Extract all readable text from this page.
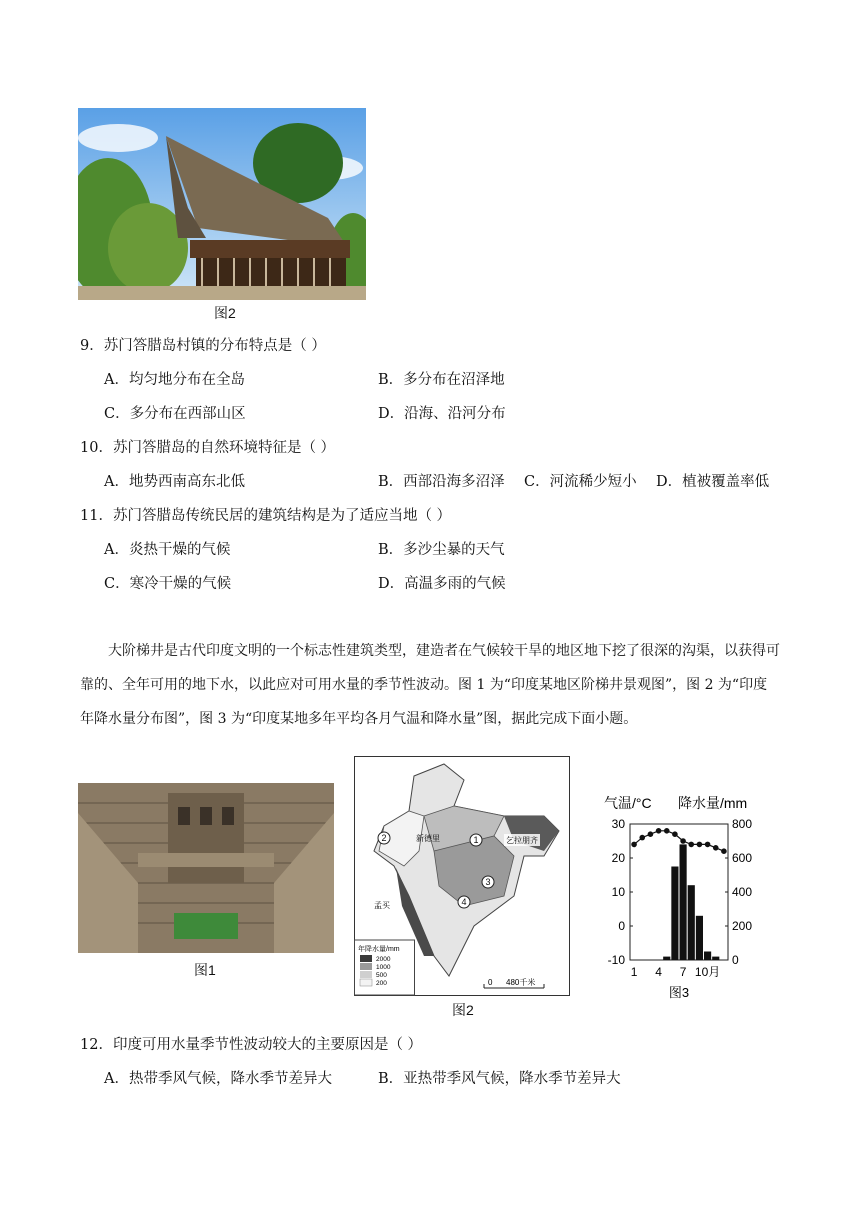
图2
9．苏门答腊岛村镇的分布特点是（ ）
A．均匀地分布在全岛	B．多分布在沼泽地
C．多分布在西部山区	D．沿海、沿河分布
10．苏门答腊岛的自然环境特征是（ ）
A．地势西南高东北低	B．西部沿海多沼泽 C．河流稀少短小 D．植被覆盖率低
11．苏门答腊岛传统民居的建筑结构是为了适应当地（ ）
A．炎热干燥的气候	B．多沙尘暴的天气
C．寒冷干燥的气候	D．高温多雨的气候

大阶梯井是古代印度文明的一个标志性建筑类型，建造者在气候较干旱的地区地下挖了很深的沟渠，以获得可靠的、全年可用的地下水，以此应对可用水量的季节性波动。图 1 为“印度某地区阶梯井景观图”，图 2 为“印度年降水量分布图”，图 3 为“印度某地多年平均各月气温和降水量”图，据此完成下面小题。

图1
1
2
3
4
新德里	乞拉朋齐
孟买
年降水量/mm
2000
1000
500
200	0 480千米
图2
气温/°C 降水量/mm
30
20
10
0
-10
800
600
400
200
0
1 4 7 10月
图3
12．印度可用水量季节性波动较大的主要原因是（ ）
A．热带季风气候，降水季节差异大	B．亚热带季风气候，降水季节差异大
